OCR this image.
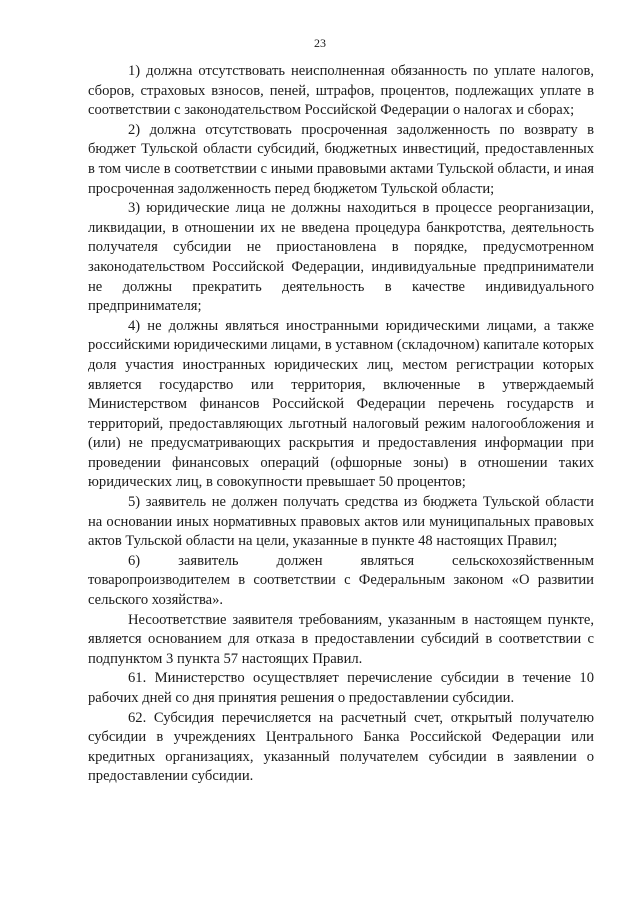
23

1) должна отсутствовать неисполненная обязанность по уплате налогов, сборов, страховых взносов, пеней, штрафов, процентов, подлежащих уплате в соответствии с законодательством Российской Федерации о налогах и сборах;

2) должна отсутствовать просроченная задолженность по возврату в бюджет Тульской области субсидий, бюджетных инвестиций, предоставленных в том числе в соответствии с иными правовыми актами Тульской области, и иная просроченная задолженность перед бюджетом Тульской области;

3) юридические лица не должны находиться в процессе реорганизации, ликвидации, в отношении их не введена процедура банкротства, деятельность получателя субсидии не приостановлена в порядке, предусмотренном законодательством Российской Федерации, индивидуальные предприниматели не должны прекратить деятельность в качестве индивидуального предпринимателя;

4) не должны являться иностранными юридическими лицами, а также российскими юридическими лицами, в уставном (складочном) капитале которых доля участия иностранных юридических лиц, местом регистрации которых является государство или территория, включенные в утверждаемый Министерством финансов Российской Федерации перечень государств и территорий, предоставляющих льготный налоговый режим налогообложения и (или) не предусматривающих раскрытия и предоставления информации при проведении финансовых операций (офшорные зоны) в отношении таких юридических лиц, в совокупности превышает 50 процентов;

5) заявитель не должен получать средства из бюджета Тульской области на основании иных нормативных правовых актов или муниципальных правовых актов Тульской области на цели, указанные в пункте 48 настоящих Правил;

6) заявитель должен являться сельскохозяйственным товаропроизводителем в соответствии с Федеральным законом «О развитии сельского хозяйства».

Несоответствие заявителя требованиям, указанным в настоящем пункте, является основанием для отказа в предоставлении субсидий в соответствии с подпунктом 3 пункта 57 настоящих Правил.

61. Министерство осуществляет перечисление субсидии в течение 10 рабочих дней со дня принятия решения о предоставлении субсидии.

62. Субсидия перечисляется на расчетный счет, открытый получателю субсидии в учреждениях Центрального Банка Российской Федерации или кредитных организациях, указанный получателем субсидии в заявлении о предоставлении субсидии.
